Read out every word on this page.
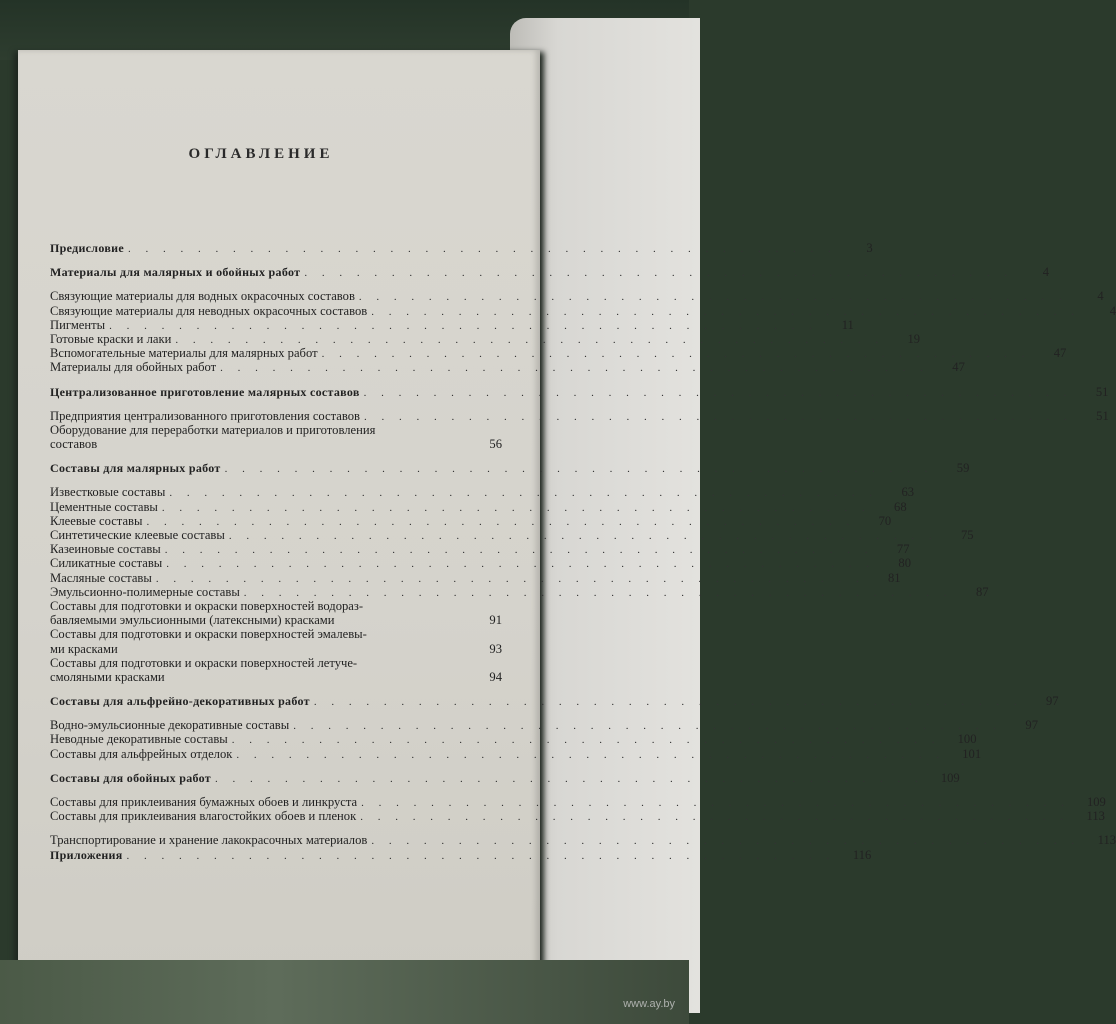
ОГЛАВЛЕНИЕ
Предисловие . . . . . . . . . . . . . . . . . . . . . . . . . . . . . . . . . . . . . . . . .	3
Материалы для малярных и обойных работ . . . . . . . . . . . . . . . . . . . . . . . . . . . . . . . . . . . . . . . . .	4
Связующие материалы для водных окрасочных составов . . . . . . . . . . . . . . . . . . . . . . . . . . . . . . . . . . . . . . . . .	4
Связующие материалы для неводных окрасочных составов . . . . . . . . . . . . . . . . . . . . . . . . . . . . . . . . . . . . . . . . .	4
Пигменты . . . . . . . . . . . . . . . . . . . . . . . . . . . . . . . . . . . . . . . . .	11
Готовые краски и лаки . . . . . . . . . . . . . . . . . . . . . . . . . . . . . . . . . . . . . . . . .	19
Вспомогательные материалы для малярных работ . . . . . . . . . . . . . . . . . . . . . . . . . . . . . . . . . . . . . . . . .	47
Материалы для обойных работ . . . . . . . . . . . . . . . . . . . . . . . . . . . . . . . . . . . . . . . . .	47
Централизованное приготовление малярных составов . . . . . . . . . . . . . . . . . . . . . . . . . . . . . . . . . . . . . . . . .	51
Предприятия централизованного приготовления составов . . . . . . . . . . . . . . . . . . . . . . . . . . . . . . . . . . . . . . . . .	51
Оборудование для переработки материалов и приготовления
составов	56
Составы для малярных работ . . . . . . . . . . . . . . . . . . . . . . . . . . . . . . . . . . . . . . . . .	59
Известковые составы . . . . . . . . . . . . . . . . . . . . . . . . . . . . . . . . . . . . . . . . .	63
Цементные составы . . . . . . . . . . . . . . . . . . . . . . . . . . . . . . . . . . . . . . . . .	68
Клеевые составы . . . . . . . . . . . . . . . . . . . . . . . . . . . . . . . . . . . . . . . . .	70
Синтетические клеевые составы . . . . . . . . . . . . . . . . . . . . . . . . . . . . . . . . . . . . . . . . .	75
Казеиновые составы . . . . . . . . . . . . . . . . . . . . . . . . . . . . . . . . . . . . . . . . .	77
Силикатные составы . . . . . . . . . . . . . . . . . . . . . . . . . . . . . . . . . . . . . . . . .	80
Масляные составы . . . . . . . . . . . . . . . . . . . . . . . . . . . . . . . . . . . . . . . . .	81
Эмульсионно-полимерные составы . . . . . . . . . . . . . . . . . . . . . . . . . . . . . . . . . . . . . . . . .	87
Составы для подготовки и окраски поверхностей водораз-
бавляемыми эмульсионными (латексными) красками	91
Составы для подготовки и окраски поверхностей эмалевы-
ми красками	93
Составы для подготовки и окраски поверхностей летуче-
смоляными красками	94
Составы для альфрейно-декоративных работ . . . . . . . . . . . . . . . . . . . . . . . . . . . . . . . . . . . . . . . . .	97
Водно-эмульсионные декоративные составы . . . . . . . . . . . . . . . . . . . . . . . . . . . . . . . . . . . . . . . . .	97
Неводные декоративные составы . . . . . . . . . . . . . . . . . . . . . . . . . . . . . . . . . . . . . . . . .	100
Составы для альфрейных отделок . . . . . . . . . . . . . . . . . . . . . . . . . . . . . . . . . . . . . . . . .	101
Составы для обойных работ . . . . . . . . . . . . . . . . . . . . . . . . . . . . . . . . . . . . . . . . .	109
Составы для приклеивания бумажных обоев и линкруста . . . . . . . . . . . . . . . . . . . . . . . . . . . . . . . . . . . . . . . . .	109
Составы для приклеивания влагостойких обоев и пленок . . . . . . . . . . . . . . . . . . . . . . . . . . . . . . . . . . . . . . . . .	113
Транспортирование и хранение лакокрасочных материалов . . . . . . . . . . . . . . . . . . . . . . . . . . . . . . . . . . . . . . . . .	113
Приложения . . . . . . . . . . . . . . . . . . . . . . . . . . . . . . . . . . . . . . . . .	116
www.ay.by
